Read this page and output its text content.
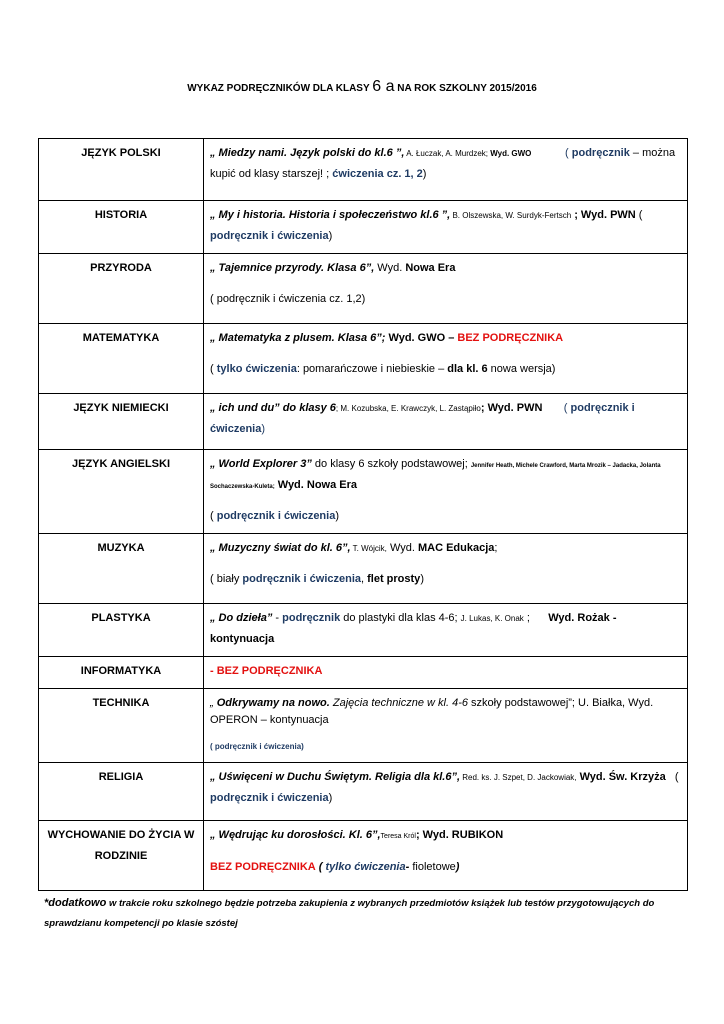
WYKAZ PODRĘCZNIKÓW DLA KLASY 6 a NA ROK SZKOLNY 2015/2016
JĘZYK POLSKI	„ Miedzy nami. Język polski do kl.6 ”, A. Łuczak, A. Murdzek; Wyd. GWO ( podręcznik – można kupić od klasy starszej! ; ćwiczenia cz. 1, 2)
HISTORIA	„ My i historia. Historia i społeczeństwo kl.6 ”, B. Olszewska, W. Surdyk-Fertsch ; Wyd. PWN ( podręcznik i ćwiczenia)
PRZYRODA	„ Tajemnice przyrody. Klasa 6”, Wyd. Nowa Era
( podręcznik i ćwiczenia cz. 1,2)
MATEMATYKA	„ Matematyka z plusem. Klasa 6”; Wyd. GWO – BEZ PODRĘCZNIKA
( tylko ćwiczenia: pomarańczowe i niebieskie – dla kl. 6 nowa wersja)
JĘZYK NIEMIECKI	„ ich und du” do klasy 6; M. Kozubska, E. Krawczyk, L. Zastąpiło; Wyd. PWN       ( podręcznik i ćwiczenia)
JĘZYK ANGIELSKI	„ World Explorer 3” do klasy 6 szkoły podstawowej; Jennifer Heath, Michele Crawford, Marta Mrozik – Jadacka, Jolanta Sochaczewska-Kuleta; Wyd. Nowa Era
( podręcznik i ćwiczenia)
MUZYKA	„ Muzyczny świat do kl. 6”, T. Wójcik, Wyd. MAC Edukacja;
( biały podręcznik i ćwiczenia, flet prosty)
PLASTYKA	„ Do dzieła” - podręcznik do plastyki dla klas 4-6; J. Lukas, K. Onak ;      Wyd. Rożak - kontynuacja
INFORMATYKA	- BEZ PODRĘCZNIKA
TECHNIKA	„ Odkrywamy na nowo. Zajęcia techniczne w kl. 4-6 szkoły podstawowej”; U. Białka, Wyd. OPERON – kontynuacja
( podręcznik i ćwiczenia)
RELIGIA	„ Uświęceni w Duchu Świętym. Religia dla kl.6”, Red. ks. J. Szpet, D. Jackowiak, Wyd. Św. Krzyża   (
podręcznik i ćwiczenia)
WYCHOWANIE DO ŻYCIA W RODZINIE	„ Wędrując ku dorosłości. Kl. 6”,Teresa Król; Wyd. RUBIKON
BEZ PODRĘCZNIKA ( tylko ćwiczenia- fioletowe)
*dodatkowo w trakcie roku szkolnego będzie potrzeba zakupienia z wybranych przedmiotów książek lub testów przygotowujących do sprawdzianu kompetencji po klasie szóstej
